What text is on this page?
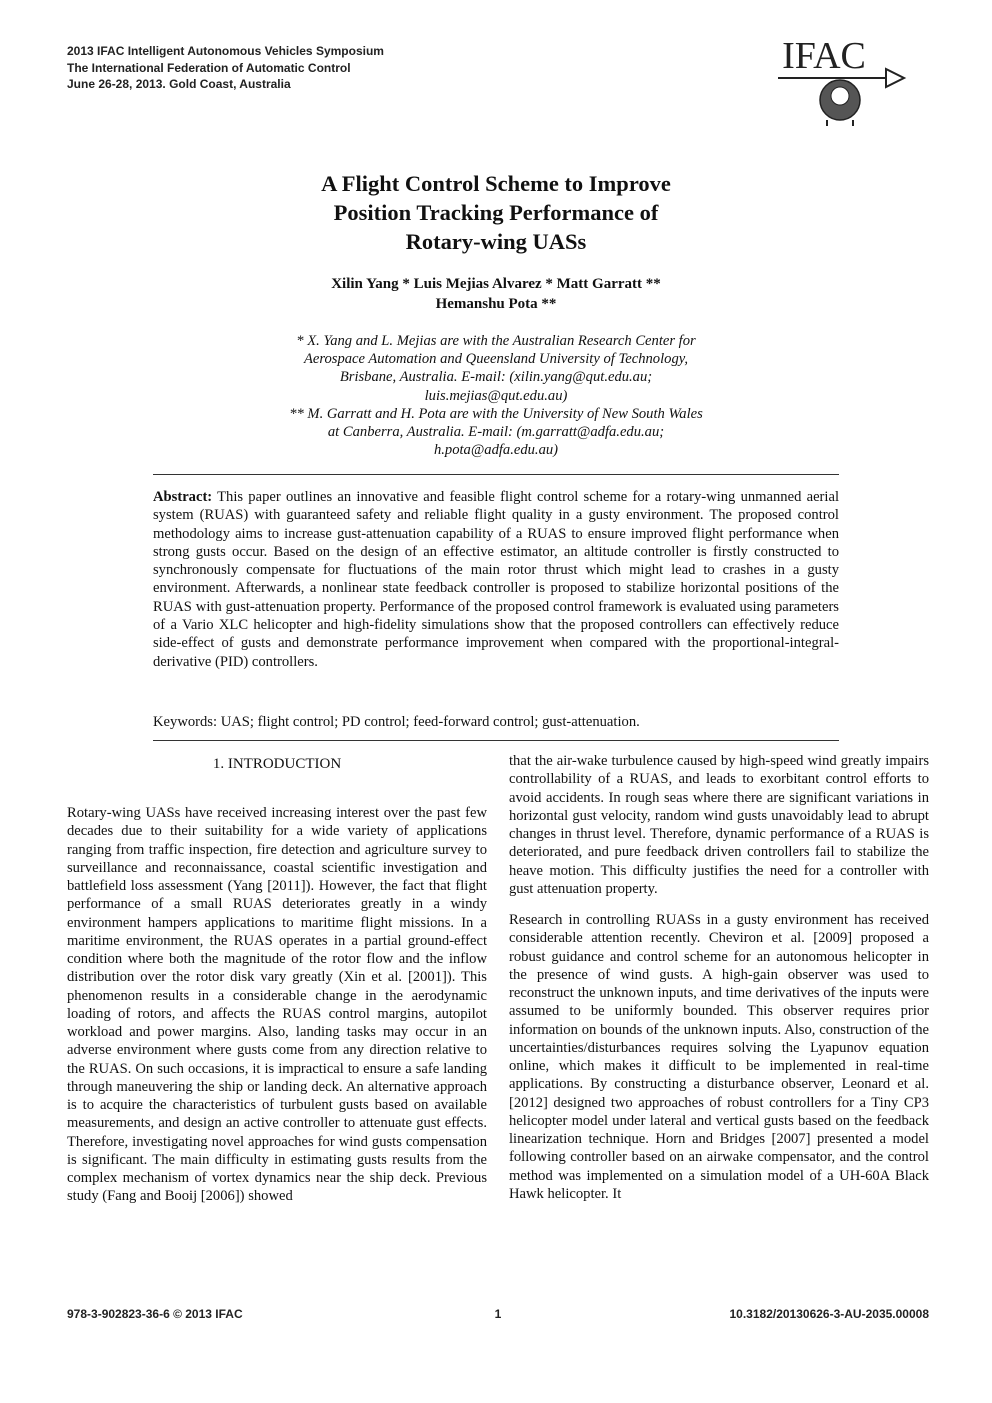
2013 IFAC Intelligent Autonomous Vehicles Symposium
The International Federation of Automatic Control
June 26-28, 2013. Gold Coast, Australia
IFAC
A Flight Control Scheme to Improve
Position Tracking Performance of
Rotary-wing UASs
Xilin Yang * Luis Mejias Alvarez * Matt Garratt **
Hemanshu Pota **
* X. Yang and L. Mejias are with the Australian Research Center for
Aerospace Automation and Queensland University of Technology,
Brisbane, Australia. E-mail: (xilin.yang@qut.edu.au;
luis.mejias@qut.edu.au)
** M. Garratt and H. Pota are with the University of New South Wales
at Canberra, Australia. E-mail: (m.garratt@adfa.edu.au;
h.pota@adfa.edu.au)
Abstract: This paper outlines an innovative and feasible flight control scheme for a rotary-wing unmanned aerial system (RUAS) with guaranteed safety and reliable flight quality in a gusty environment. The proposed control methodology aims to increase gust-attenuation capability of a RUAS to ensure improved flight performance when strong gusts occur. Based on the design of an effective estimator, an altitude controller is firstly constructed to synchronously compensate for fluctuations of the main rotor thrust which might lead to crashes in a gusty environment. Afterwards, a nonlinear state feedback controller is proposed to stabilize horizontal positions of the RUAS with gust-attenuation property. Performance of the proposed control framework is evaluated using parameters of a Vario XLC helicopter and high-fidelity simulations show that the proposed controllers can effectively reduce side-effect of gusts and demonstrate performance improvement when compared with the proportional-integral-derivative (PID) controllers.
Keywords: UAS; flight control; PD control; feed-forward control; gust-attenuation.
1. INTRODUCTION

Rotary-wing UASs have received increasing interest over the past few decades due to their suitability for a wide variety of applications ranging from traffic inspection, fire detection and agriculture survey to surveillance and reconnaissance, coastal scientific investigation and battlefield loss assessment (Yang [2011]). However, the fact that flight performance of a small RUAS deteriorates greatly in a windy environment hampers applications to maritime flight missions. In a maritime environment, the RUAS operates in a partial ground-effect condition where both the magnitude of the rotor flow and the inflow distribution over the rotor disk vary greatly (Xin et al. [2001]). This phenomenon results in a considerable change in the aerodynamic loading of rotors, and affects the RUAS control margins, autopilot workload and power margins. Also, landing tasks may occur in an adverse environment where gusts come from any direction relative to the RUAS. On such occasions, it is impractical to ensure a safe landing through maneuvering the ship or landing deck. An alternative approach is to acquire the characteristics of turbulent gusts based on available measurements, and design an active controller to attenuate gust effects. Therefore, investigating novel approaches for wind gusts compensation is significant. The main difficulty in estimating gusts results from the complex mechanism of vortex dynamics near the ship deck. Previous study (Fang and Booij [2006]) showed

that the air-wake turbulence caused by high-speed wind greatly impairs controllability of a RUAS, and leads to exorbitant control efforts to avoid accidents. In rough seas where there are significant variations in horizontal gust velocity, random wind gusts unavoidably lead to abrupt changes in thrust level. Therefore, dynamic performance of a RUAS is deteriorated, and pure feedback driven controllers fail to stabilize the heave motion. This difficulty justifies the need for a controller with gust attenuation property.

Research in controlling RUASs in a gusty environment has received considerable attention recently. Cheviron et al. [2009] proposed a robust guidance and control scheme for an autonomous helicopter in the presence of wind gusts. A high-gain observer was used to reconstruct the unknown inputs, and time derivatives of the inputs were assumed to be uniformly bounded. This observer requires prior information on bounds of the unknown inputs. Also, construction of the uncertainties/disturbances requires solving the Lyapunov equation online, which makes it difficult to be implemented in real-time applications. By constructing a disturbance observer, Leonard et al. [2012] designed two approaches of robust controllers for a Tiny CP3 helicopter model under lateral and vertical gusts based on the feedback linearization technique. Horn and Bridges [2007] presented a model following controller based on an airwake compensator, and the control method was implemented on a simulation model of a UH-60A Black Hawk helicopter. It

978-3-902823-36-6 © 2013 IFAC	1	10.3182/20130626-3-AU-2035.00008
